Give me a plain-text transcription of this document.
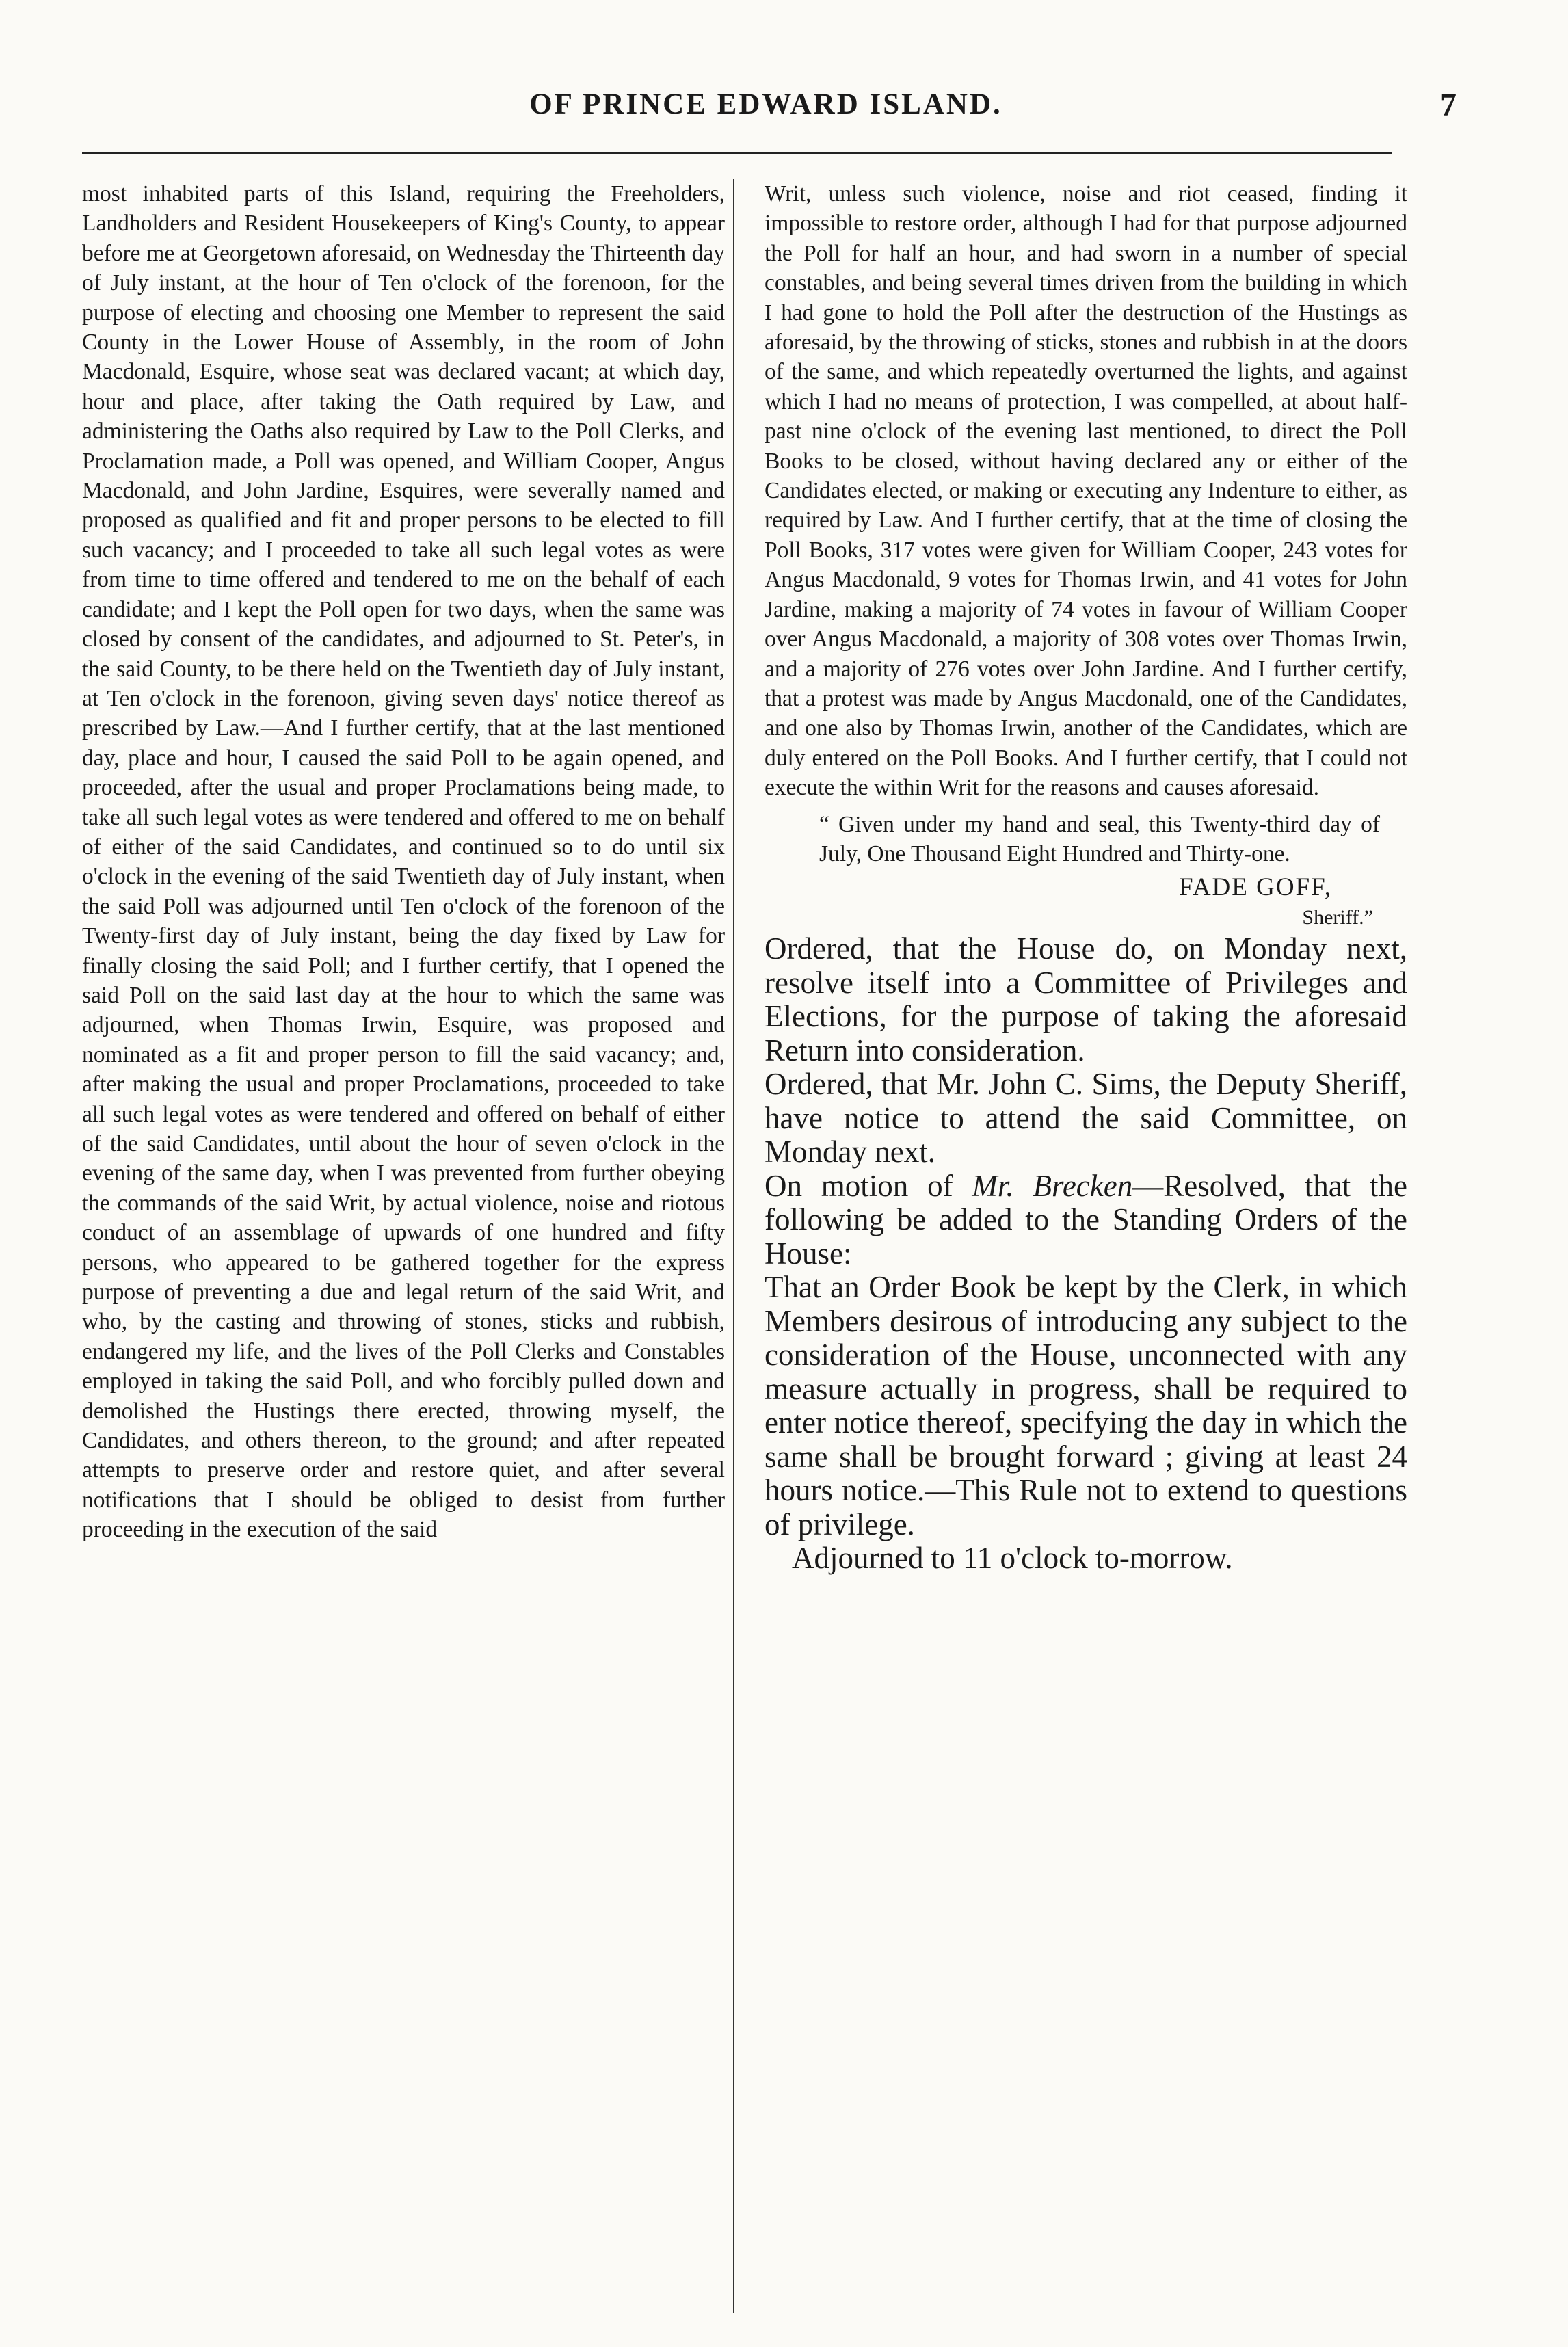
OF PRINCE EDWARD ISLAND.	7

most inhabited parts of this Island, requiring the Freeholders, Landholders and Resident Housekeepers of King's County, to appear before me at Georgetown aforesaid, on Wednesday the Thirteenth day of July instant, at the hour of Ten o'clock of the forenoon, for the purpose of electing and choosing one Member to represent the said County in the Lower House of Assembly, in the room of John Macdonald, Esquire, whose seat was declared vacant; at which day, hour and place, after taking the Oath required by Law, and administering the Oaths also required by Law to the Poll Clerks, and Proclamation made, a Poll was opened, and William Cooper, Angus Macdonald, and John Jardine, Esquires, were severally named and proposed as qualified and fit and proper persons to be elected to fill such vacancy; and I proceeded to take all such legal votes as were from time to time offered and tendered to me on the behalf of each candidate; and I kept the Poll open for two days, when the same was closed by consent of the candidates, and adjourned to St. Peter's, in the said County, to be there held on the Twentieth day of July instant, at Ten o'clock in the forenoon, giving seven days' notice thereof as prescribed by Law.—And I further certify, that at the last mentioned day, place and hour, I caused the said Poll to be again opened, and proceeded, after the usual and proper Proclamations being made, to take all such legal votes as were tendered and offered to me on behalf of either of the said Candidates, and continued so to do until six o'clock in the evening of the said Twentieth day of July instant, when the said Poll was adjourned until Ten o'clock of the forenoon of the Twenty-first day of July instant, being the day fixed by Law for finally closing the said Poll; and I further certify, that I opened the said Poll on the said last day at the hour to which the same was adjourned, when Thomas Irwin, Esquire, was proposed and nominated as a fit and proper person to fill the said vacancy; and, after making the usual and proper Proclamations, proceeded to take all such legal votes as were tendered and offered on behalf of either of the said Candidates, until about the hour of seven o'clock in the evening of the same day, when I was prevented from further obeying the commands of the said Writ, by actual violence, noise and riotous conduct of an assemblage of upwards of one hundred and fifty persons, who appeared to be gathered together for the express purpose of preventing a due and legal return of the said Writ, and who, by the casting and throwing of stones, sticks and rubbish, endangered my life, and the lives of the Poll Clerks and Constables employed in taking the said Poll, and who forcibly pulled down and demolished the Hustings there erected, throwing myself, the Candidates, and others thereon, to the ground; and after repeated attempts to preserve order and restore quiet, and after several notifications that I should be obliged to desist from further proceeding in the execution of the said

Writ, unless such violence, noise and riot ceased, finding it impossible to restore order, although I had for that purpose adjourned the Poll for half an hour, and had sworn in a number of special constables, and being several times driven from the building in which I had gone to hold the Poll after the destruction of the Hustings as aforesaid, by the throwing of sticks, stones and rubbish in at the doors of the same, and which repeatedly overturned the lights, and against which I had no means of protection, I was compelled, at about half-past nine o'clock of the evening last mentioned, to direct the Poll Books to be closed, without having declared any or either of the Candidates elected, or making or executing any Indenture to either, as required by Law. And I further certify, that at the time of closing the Poll Books, 317 votes were given for William Cooper, 243 votes for Angus Macdonald, 9 votes for Thomas Irwin, and 41 votes for John Jardine, making a majority of 74 votes in favour of William Cooper over Angus Macdonald, a majority of 308 votes over Thomas Irwin, and a majority of 276 votes over John Jardine. And I further certify, that a protest was made by Angus Macdonald, one of the Candidates, and one also by Thomas Irwin, another of the Candidates, which are duly entered on the Poll Books. And I further certify, that I could not execute the within Writ for the reasons and causes aforesaid.

“ Given under my hand and seal, this Twenty-third day of July, One Thousand Eight Hundred and Thirty-one.
FADE GOFF,
Sheriff.”

Ordered, that the House do, on Monday next, resolve itself into a Committee of Privileges and Elections, for the purpose of taking the aforesaid Return into consideration.

Ordered, that Mr. John C. Sims, the Deputy Sheriff, have notice to attend the said Committee, on Monday next.

On motion of Mr. Brecken—Resolved, that the following be added to the Standing Orders of the House:

That an Order Book be kept by the Clerk, in which Members desirous of introducing any subject to the consideration of the House, unconnected with any measure actually in progress, shall be required to enter notice thereof, specifying the day in which the same shall be brought forward ; giving at least 24 hours notice.—This Rule not to extend to questions of privilege.

Adjourned to 11 o'clock to-morrow.
